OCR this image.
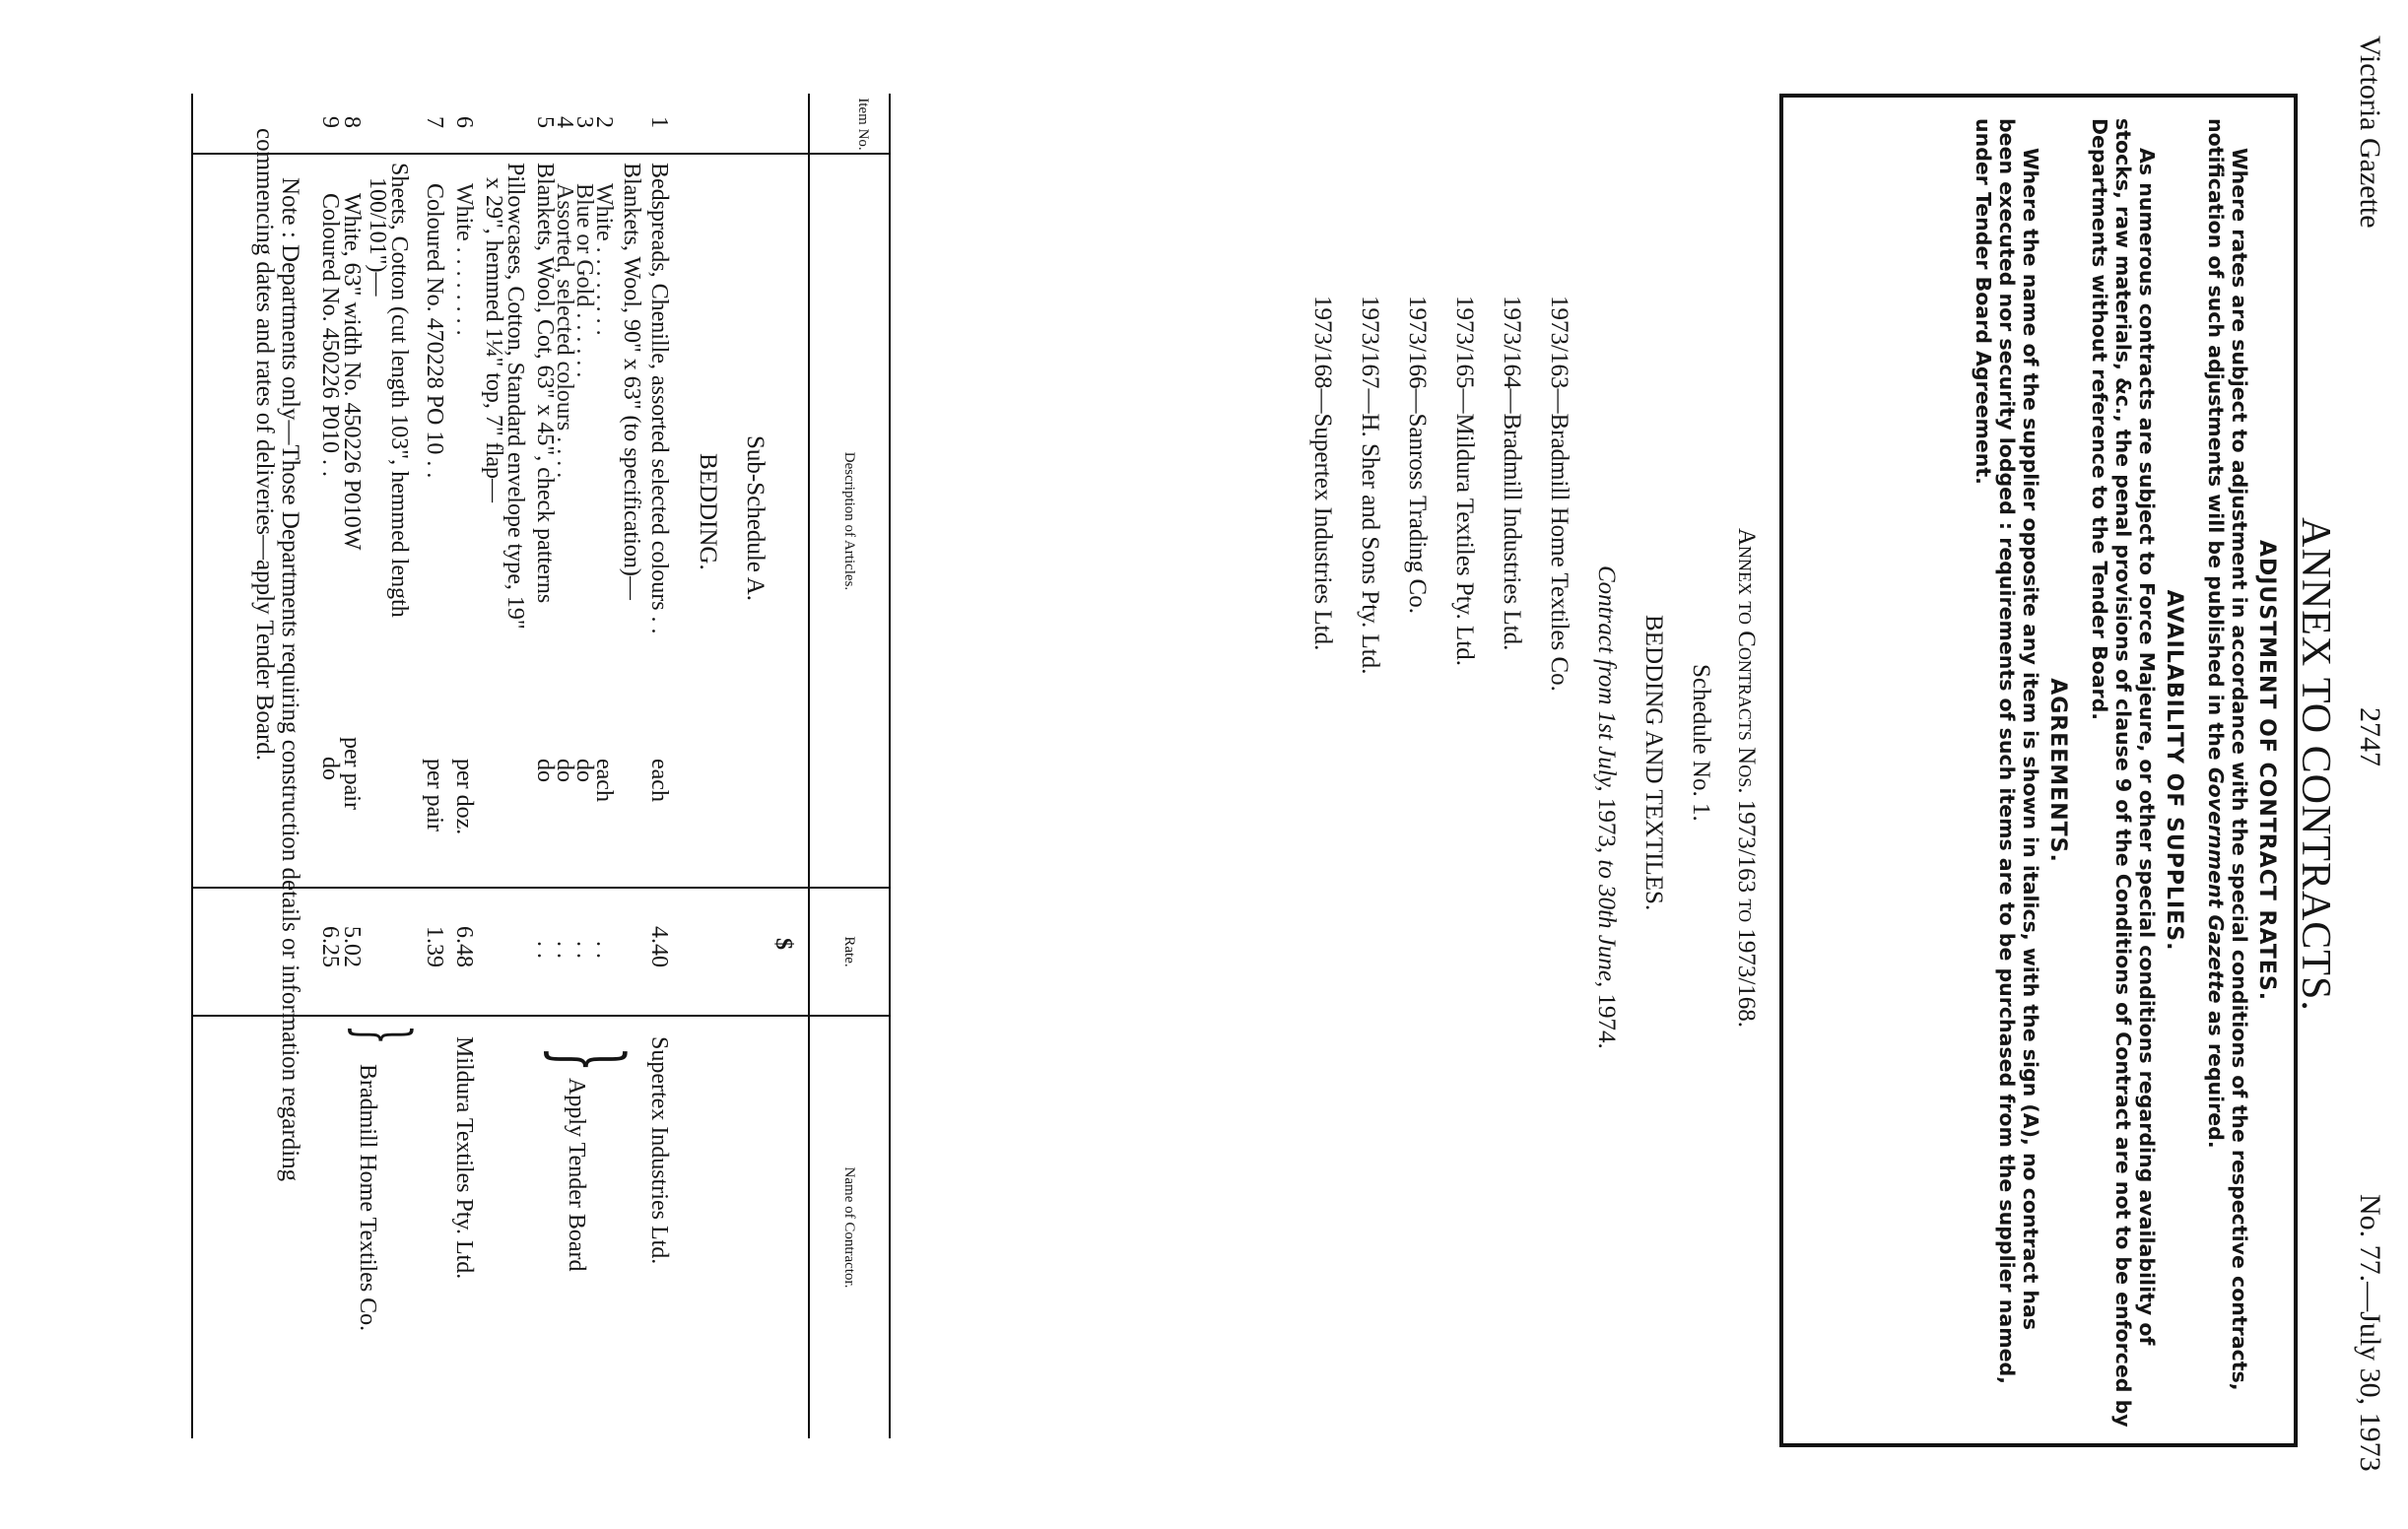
Victoria Gazette
2747
No. 77.—July 30, 1973
ANNEX TO CONTRACTS.
ADJUSTMENT OF CONTRACT RATES.
Where rates are subject to adjustment in accordance with the special conditions of the respective contracts,
notification of such adjustments will be published in the Government Gazette as required.
AVAILABILITY OF SUPPLIES.
As numerous contracts are subject to Force Majeure, or other special conditions regarding availability of
stocks, raw materials, &c., the penal provisions of clause 9 of the Conditions of Contract are not to be enforced by
Departments without reference to the Tender Board.
AGREEMENTS.
Where the name of the supplier opposite any item is shown in italics, with the sign (A), no contract has
been executed nor security lodged : requirements of such items are to be purchased from the supplier named,
under Tender Board Agreement.
Annex to Contracts Nos. 1973/163 to 1973/168.
Schedule No. 1.
BEDDING AND TEXTILES.
Contract from 1st July, 1973, to 30th June, 1974.
1973/163—Bradmill Home Textiles Co.
1973/164—Bradmill Industries Ltd.
1973/165—Mildura Textiles Pty. Ltd.
1973/166—Sanross Trading Co.
1973/167—H. Sher and Sons Pty. Ltd.
1973/168—Supertex Industries Ltd.
Item No.
Description of Articles.
Rate.
Name of Contractor.
$
Sub-Schedule A.
BEDDING.
1
Bedspreads, Chenille, assorted selected colours . .
each
4.40
Supertex Industries Ltd.
Blankets, Wool, 90" x 63" (to specification)—
2
White . . . . . . . .
each
. .
3
Blue or Gold . . . . . .
do
. .
4
Assorted, selected colours . . . .
do
. .
Apply Tender Board
5
Blankets, Wool, Cot, 63" x 45", check patterns
do
. .
}
Pillowcases, Cotton, Standard envelope type, 19"
x 29", hemmed 1¼" top, 7" flap—
6
White . . . . . . . .
per doz.
6.48
Mildura Textiles Pty. Ltd.
7
Coloured No. 470228 PO 10 . .
per pair
1.39
Sheets, Cotton (cut length 103", hemmed length
100/101")—
8
White, 63" width No. 450226 P010W
per pair
5.02
Bradmill Home Textiles Co.
9
Coloured No. 450226 P010 . .
do
6.25
}
Note : Departments only—Those Departments requiring construction details or information regarding
commencing dates and rates of deliveries—apply Tender Board.
